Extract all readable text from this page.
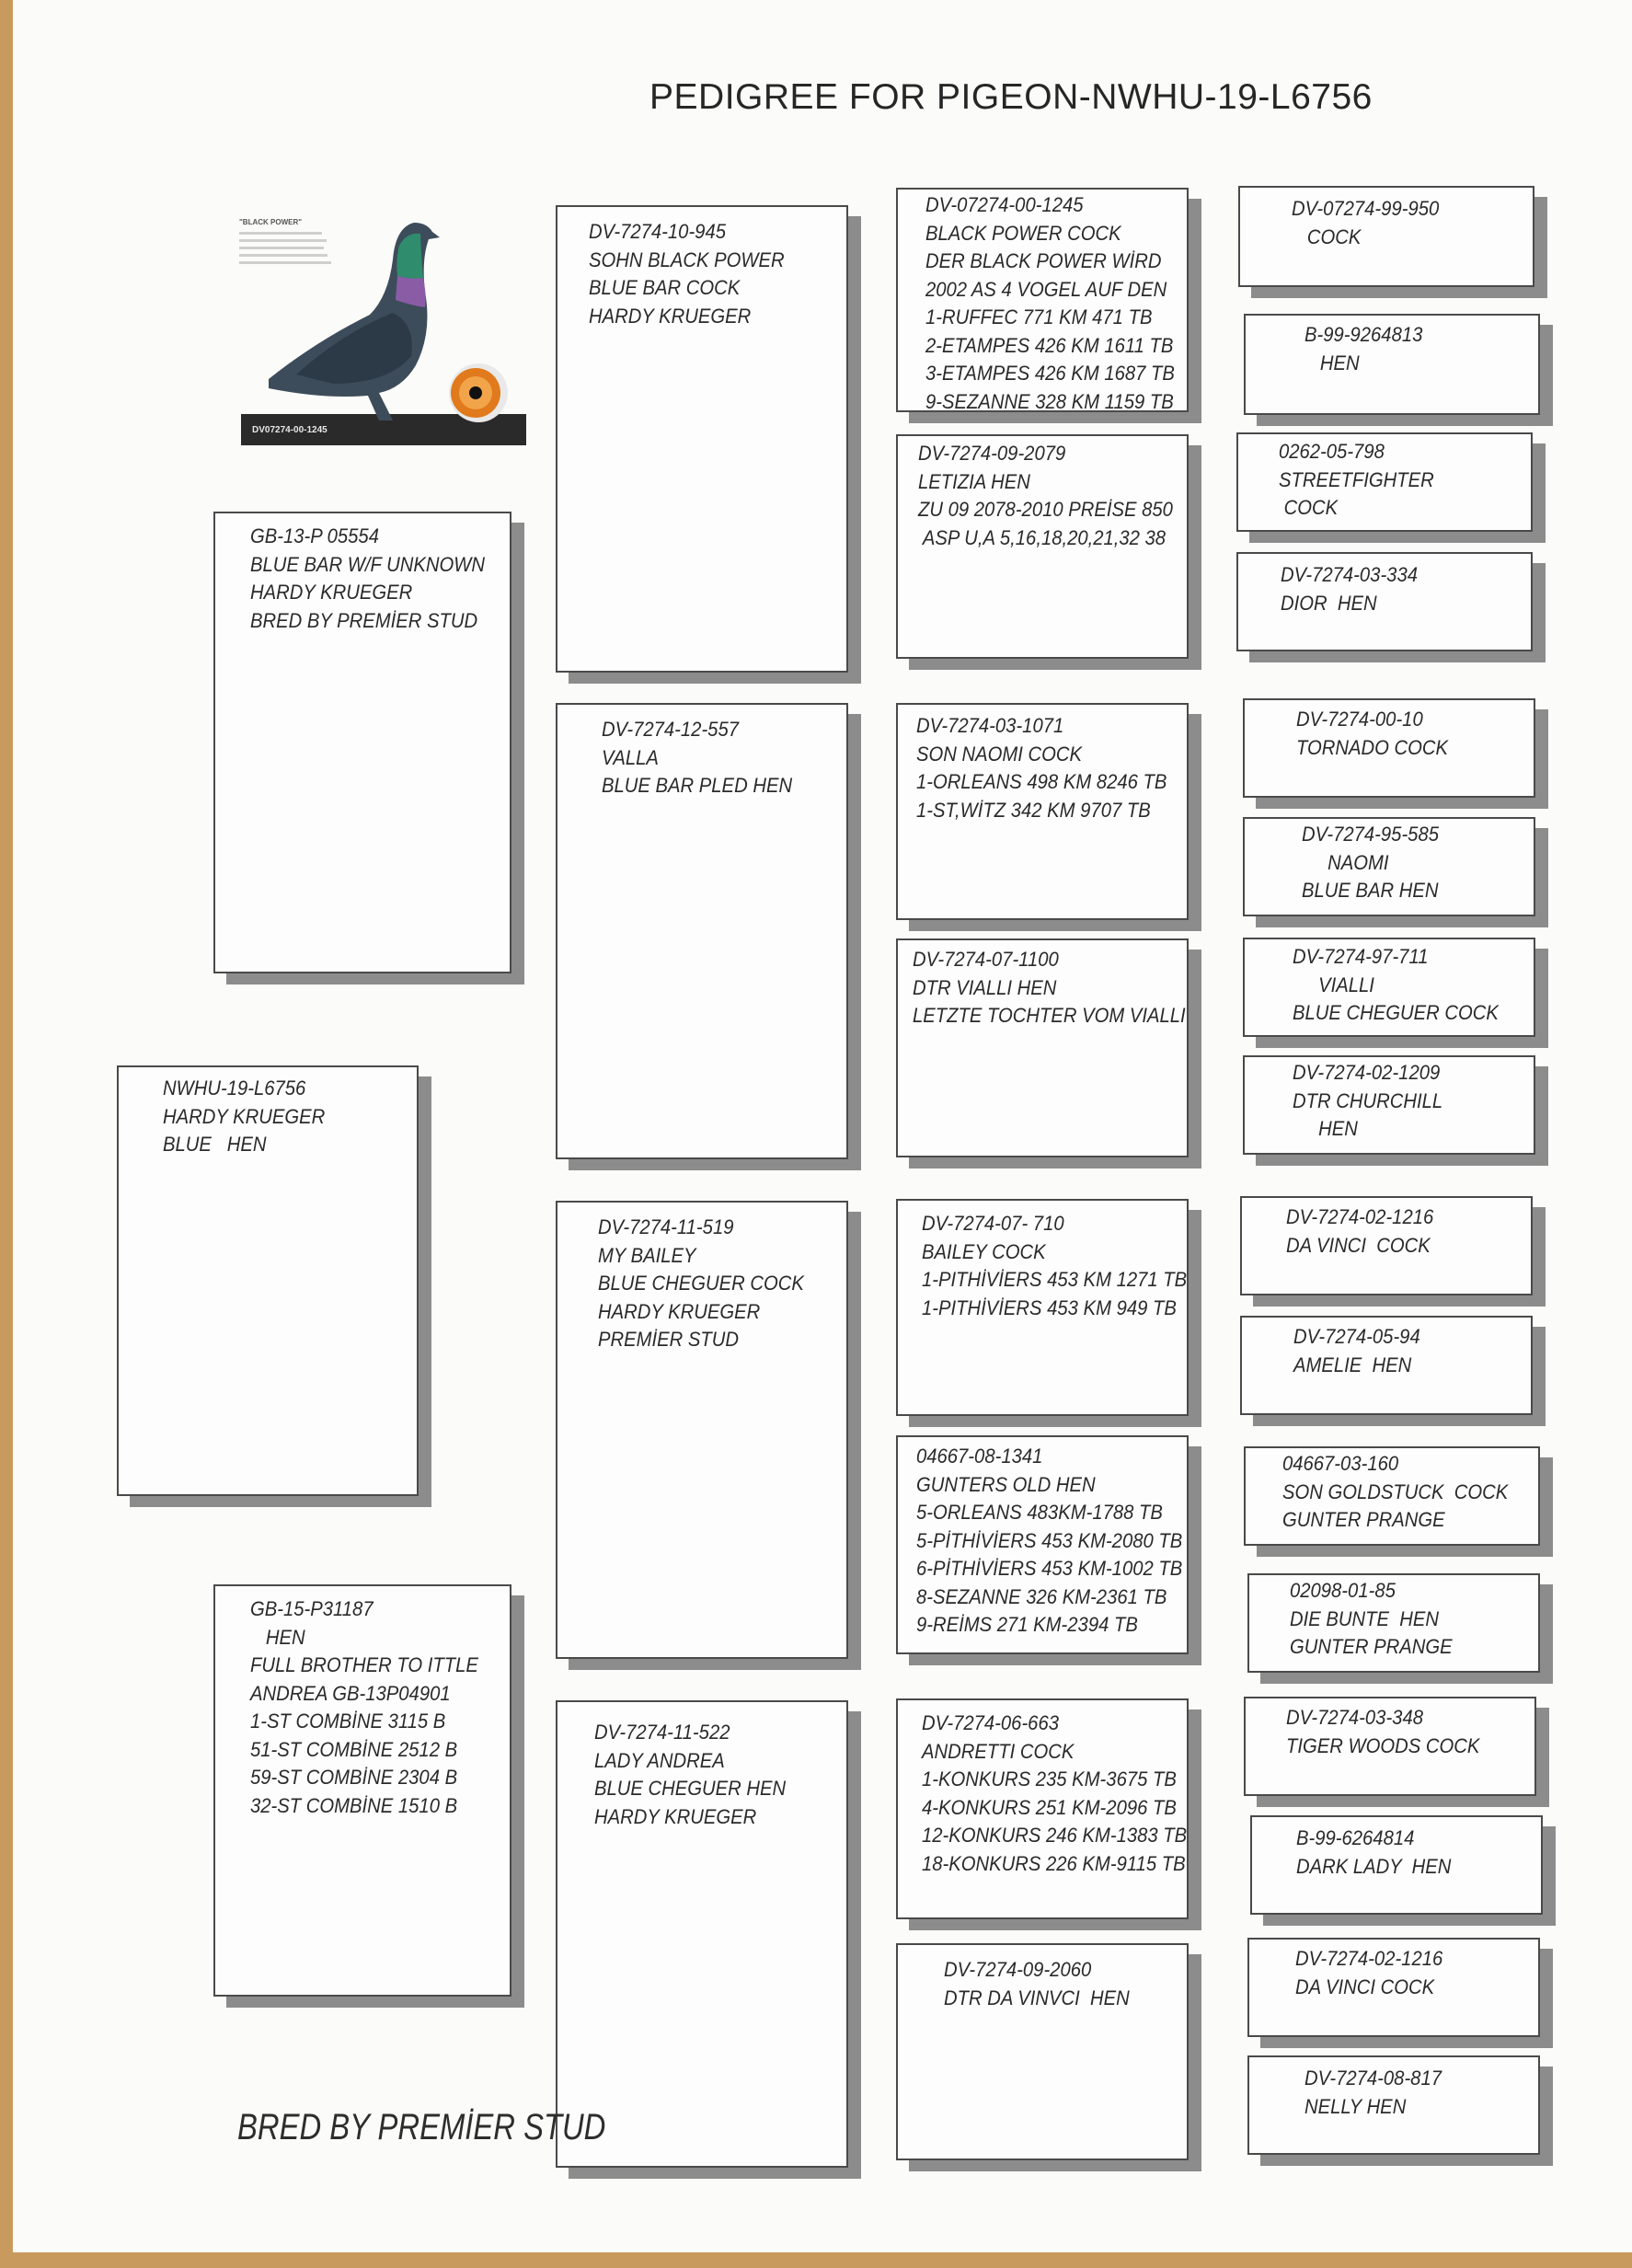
PEDIGREE FOR PIGEON-NWHU-19-L6756
"BLACK POWER"
DV07274-00-1245
NWHU-19-L6756
HARDY KRUEGER
BLUE   HEN
GB-13-P 05554
BLUE BAR W/F UNKNOWN
HARDY KRUEGER
BRED BY PREMİER STUD
GB-15-P31187
HEN
FULL BROTHER TO ITTLE
ANDREA GB-13P04901
1-ST COMBİNE 3115 B
51-ST COMBİNE 2512 B
59-ST COMBİNE 2304 B
32-ST COMBİNE 1510 B
DV-7274-10-945
SOHN BLACK POWER
BLUE BAR COCK
HARDY KRUEGER
DV-7274-12-557
VALLA
BLUE BAR PLED HEN
DV-7274-11-519
MY BAILEY
BLUE CHEGUER COCK
HARDY KRUEGER
PREMİER STUD
DV-7274-11-522
LADY ANDREA
BLUE CHEGUER HEN
HARDY KRUEGER
DV-07274-00-1245
BLACK POWER COCK
DER BLACK POWER WİRD
2002 AS 4 VOGEL AUF DEN
1-RUFFEC 771 KM 471 TB
2-ETAMPES 426 KM 1611 TB
3-ETAMPES 426 KM 1687 TB
9-SEZANNE 328 KM 1159 TB
DV-7274-09-2079
LETIZIA HEN
ZU 09 2078-2010 PREİSE 850
ASP U,A 5,16,18,20,21,32 38
DV-7274-03-1071
SON NAOMI COCK
1-ORLEANS 498 KM 8246 TB
1-ST,WİTZ 342 KM 9707 TB
DV-7274-07-1100
DTR VIALLI HEN
LETZTE TOCHTER VOM VIALLI
DV-7274-07- 710
BAILEY COCK
1-PITHİVİERS 453 KM 1271 TB
1-PITHİVİERS 453 KM 949 TB
04667-08-1341
GUNTERS OLD HEN
5-ORLEANS 483KM-1788 TB
5-PİTHİVİERS 453 KM-2080 TB
6-PİTHİVİERS 453 KM-1002 TB
8-SEZANNE 326 KM-2361 TB
9-REİMS 271 KM-2394 TB
DV-7274-06-663
ANDRETTI COCK
1-KONKURS 235 KM-3675 TB
4-KONKURS 251 KM-2096 TB
12-KONKURS 246 KM-1383 TB
18-KONKURS 226 KM-9115 TB
DV-7274-09-2060
DTR DA VINVCI  HEN
DV-07274-99-950
COCK
B-99-9264813
HEN
0262-05-798
STREETFIGHTER
COCK
DV-7274-03-334
DIOR  HEN
DV-7274-00-10
TORNADO COCK
DV-7274-95-585
NAOMI
BLUE BAR HEN
DV-7274-97-711
VIALLI
BLUE CHEGUER COCK
DV-7274-02-1209
DTR CHURCHILL
HEN
DV-7274-02-1216
DA VINCI  COCK
DV-7274-05-94
AMELIE  HEN
04667-03-160
SON GOLDSTUCK  COCK
GUNTER PRANGE
02098-01-85
DIE BUNTE  HEN
GUNTER PRANGE
DV-7274-03-348
TIGER WOODS COCK
B-99-6264814
DARK LADY  HEN
DV-7274-02-1216
DA VINCI COCK
DV-7274-08-817
NELLY HEN
BRED BY PREMİER STUD
